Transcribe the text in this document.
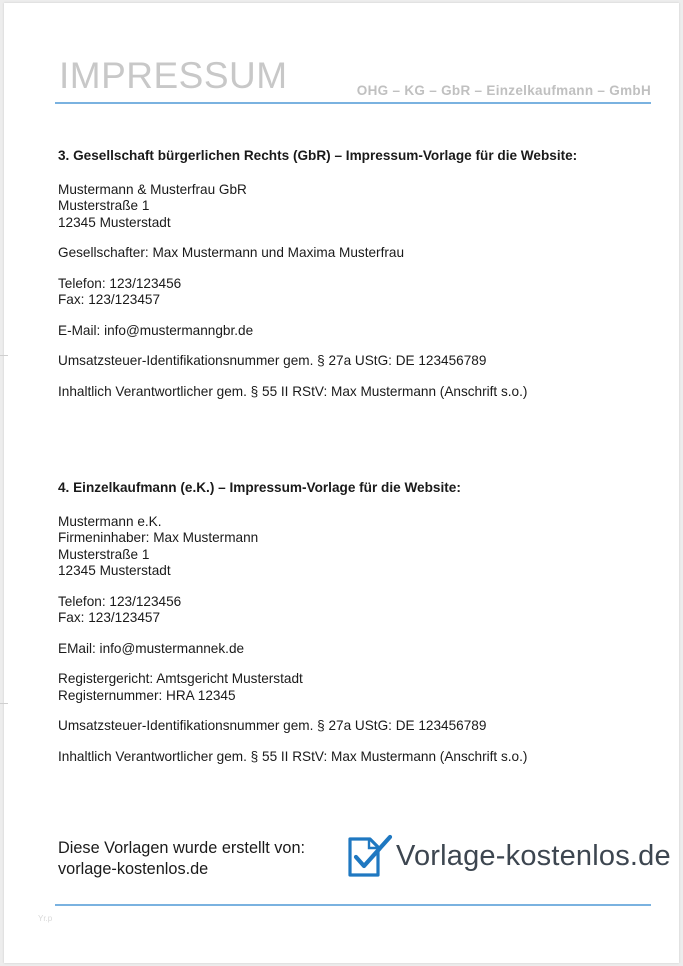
IMPRESSUM	OHG – KG – GbR – Einzelkaufmann – GmbH

3. Gesellschaft bürgerlichen Rechts (GbR) – Impressum-Vorlage für die Website:

Mustermann & Musterfrau GbR
Musterstraße 1
12345 Musterstadt
Gesellschafter: Max Mustermann und Maxima Musterfrau
Telefon: 123/123456
Fax: 123/123457
E-Mail: info@mustermanngbr.de
Umsatzsteuer-Identifikationsnummer gem. § 27a UStG: DE 123456789
Inhaltlich Verantwortlicher gem. § 55 II RStV: Max Mustermann (Anschrift s.o.)

4. Einzelkaufmann (e.K.) – Impressum-Vorlage für die Website:

Mustermann e.K.
Firmeninhaber: Max Mustermann
Musterstraße 1
12345 Musterstadt
Telefon: 123/123456
Fax: 123/123457
EMail: info@mustermannek.de
Registergericht: Amtsgericht Musterstadt
Registernummer: HRA 12345
Umsatzsteuer-Identifikationsnummer gem. § 27a UStG: DE 123456789
Inhaltlich Verantwortlicher gem. § 55 II RStV: Max Mustermann (Anschrift s.o.)
Diese Vorlagen wurde erstellt von:
vorlage-kostenlos.de	Vorlage-kostenlos.de
Yr.p
